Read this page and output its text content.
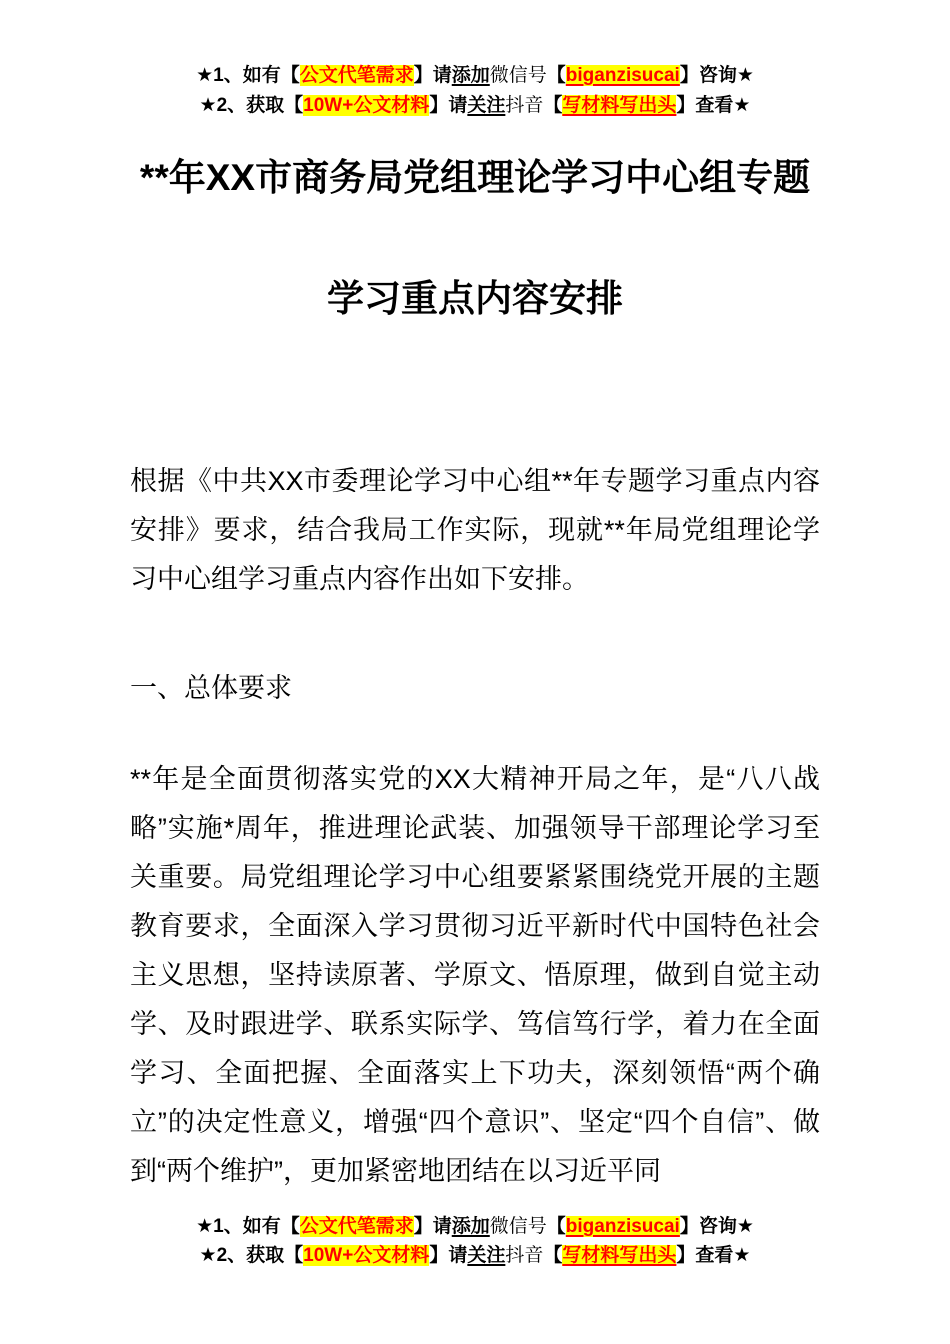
★1、如有【公文代笔需求】请添加微信号【biganzisucai】咨询★
★2、获取【10W+公文材料】请关注抖音【写材料写出头】查看★
**年XX市商务局党组理论学习中心组专题
学习重点内容安排
根据《中共XX市委理论学习中心组**年专题学习重点内容安排》要求，结合我局工作实际，现就**年局党组理论学习中心组学习重点内容作出如下安排。
一、总体要求
**年是全面贯彻落实党的XX大精神开局之年，是“八八战略”实施*周年，推进理论武装、加强领导干部理论学习至关重要。局党组理论学习中心组要紧紧围绕党开展的主题教育要求，全面深入学习贯彻习近平新时代中国特色社会主义思想，坚持读原著、学原文、悟原理，做到自觉主动学、及时跟进学、联系实际学、笃信笃行学，着力在全面学习、全面把握、全面落实上下功夫，深刻领悟“两个确立”的决定性意义，增强“四个意识”、坚定“四个自信”、做到“两个维护”，更加紧密地团结在以习近平同
★1、如有【公文代笔需求】请添加微信号【biganzisucai】咨询★
★2、获取【10W+公文材料】请关注抖音【写材料写出头】查看★
